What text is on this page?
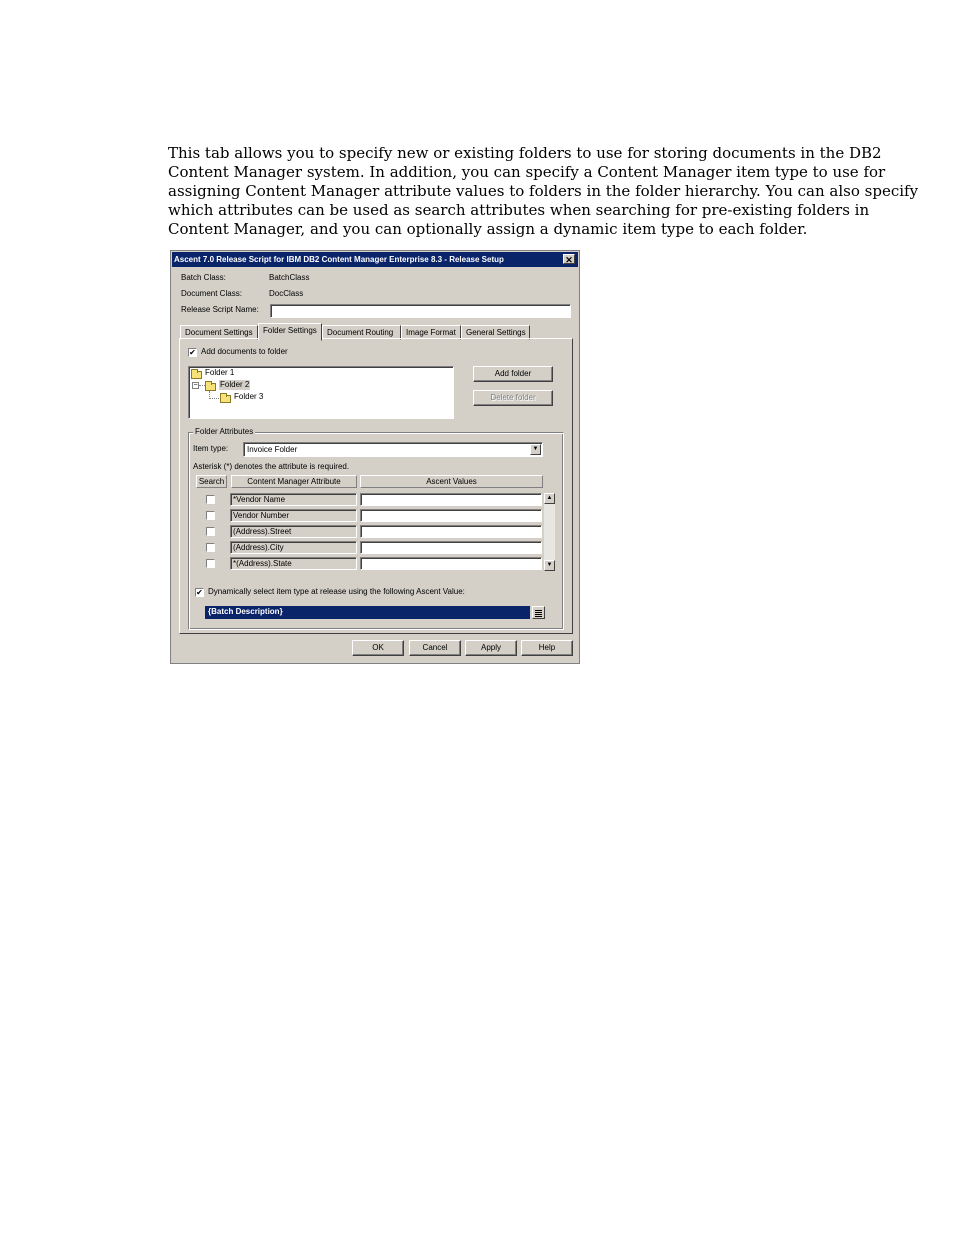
This tab allows you to specify new or existing folders to use for storing documents in the DB2
Content Manager system. In addition, you can specify a Content Manager item type to use for
assigning Content Manager attribute values to folders in the folder hierarchy. You can also specify
which attributes can be used as search attributes when searching for pre-existing folders in
Content Manager, and you can optionally assign a dynamic item type to each folder.
Ascent 7.0 Release Script for IBM DB2 Content Manager Enterprise 8.3 - Release Setup	✕
Batch Class:	BatchClass
Document Class:	DocClass
Release Script Name:
Document Settings	Folder Settings	Document Routing	Image Format	General Settings
✔ Add documents to folder
Folder 1
−	Folder 2
Folder 3
Add folder
Delete folder
Folder Attributes
Item type:	Invoice Folder	▼
Asterisk (*) denotes the attribute is required.
Search	Content Manager Attribute	Ascent Values
*Vendor Name
Vendor Number
(Address).Street
(Address).City
*(Address).State
▲
▼
✔ Dynamically select item type at release using the following Ascent Value:
{Batch Description}
OK	Cancel	Apply	Help
